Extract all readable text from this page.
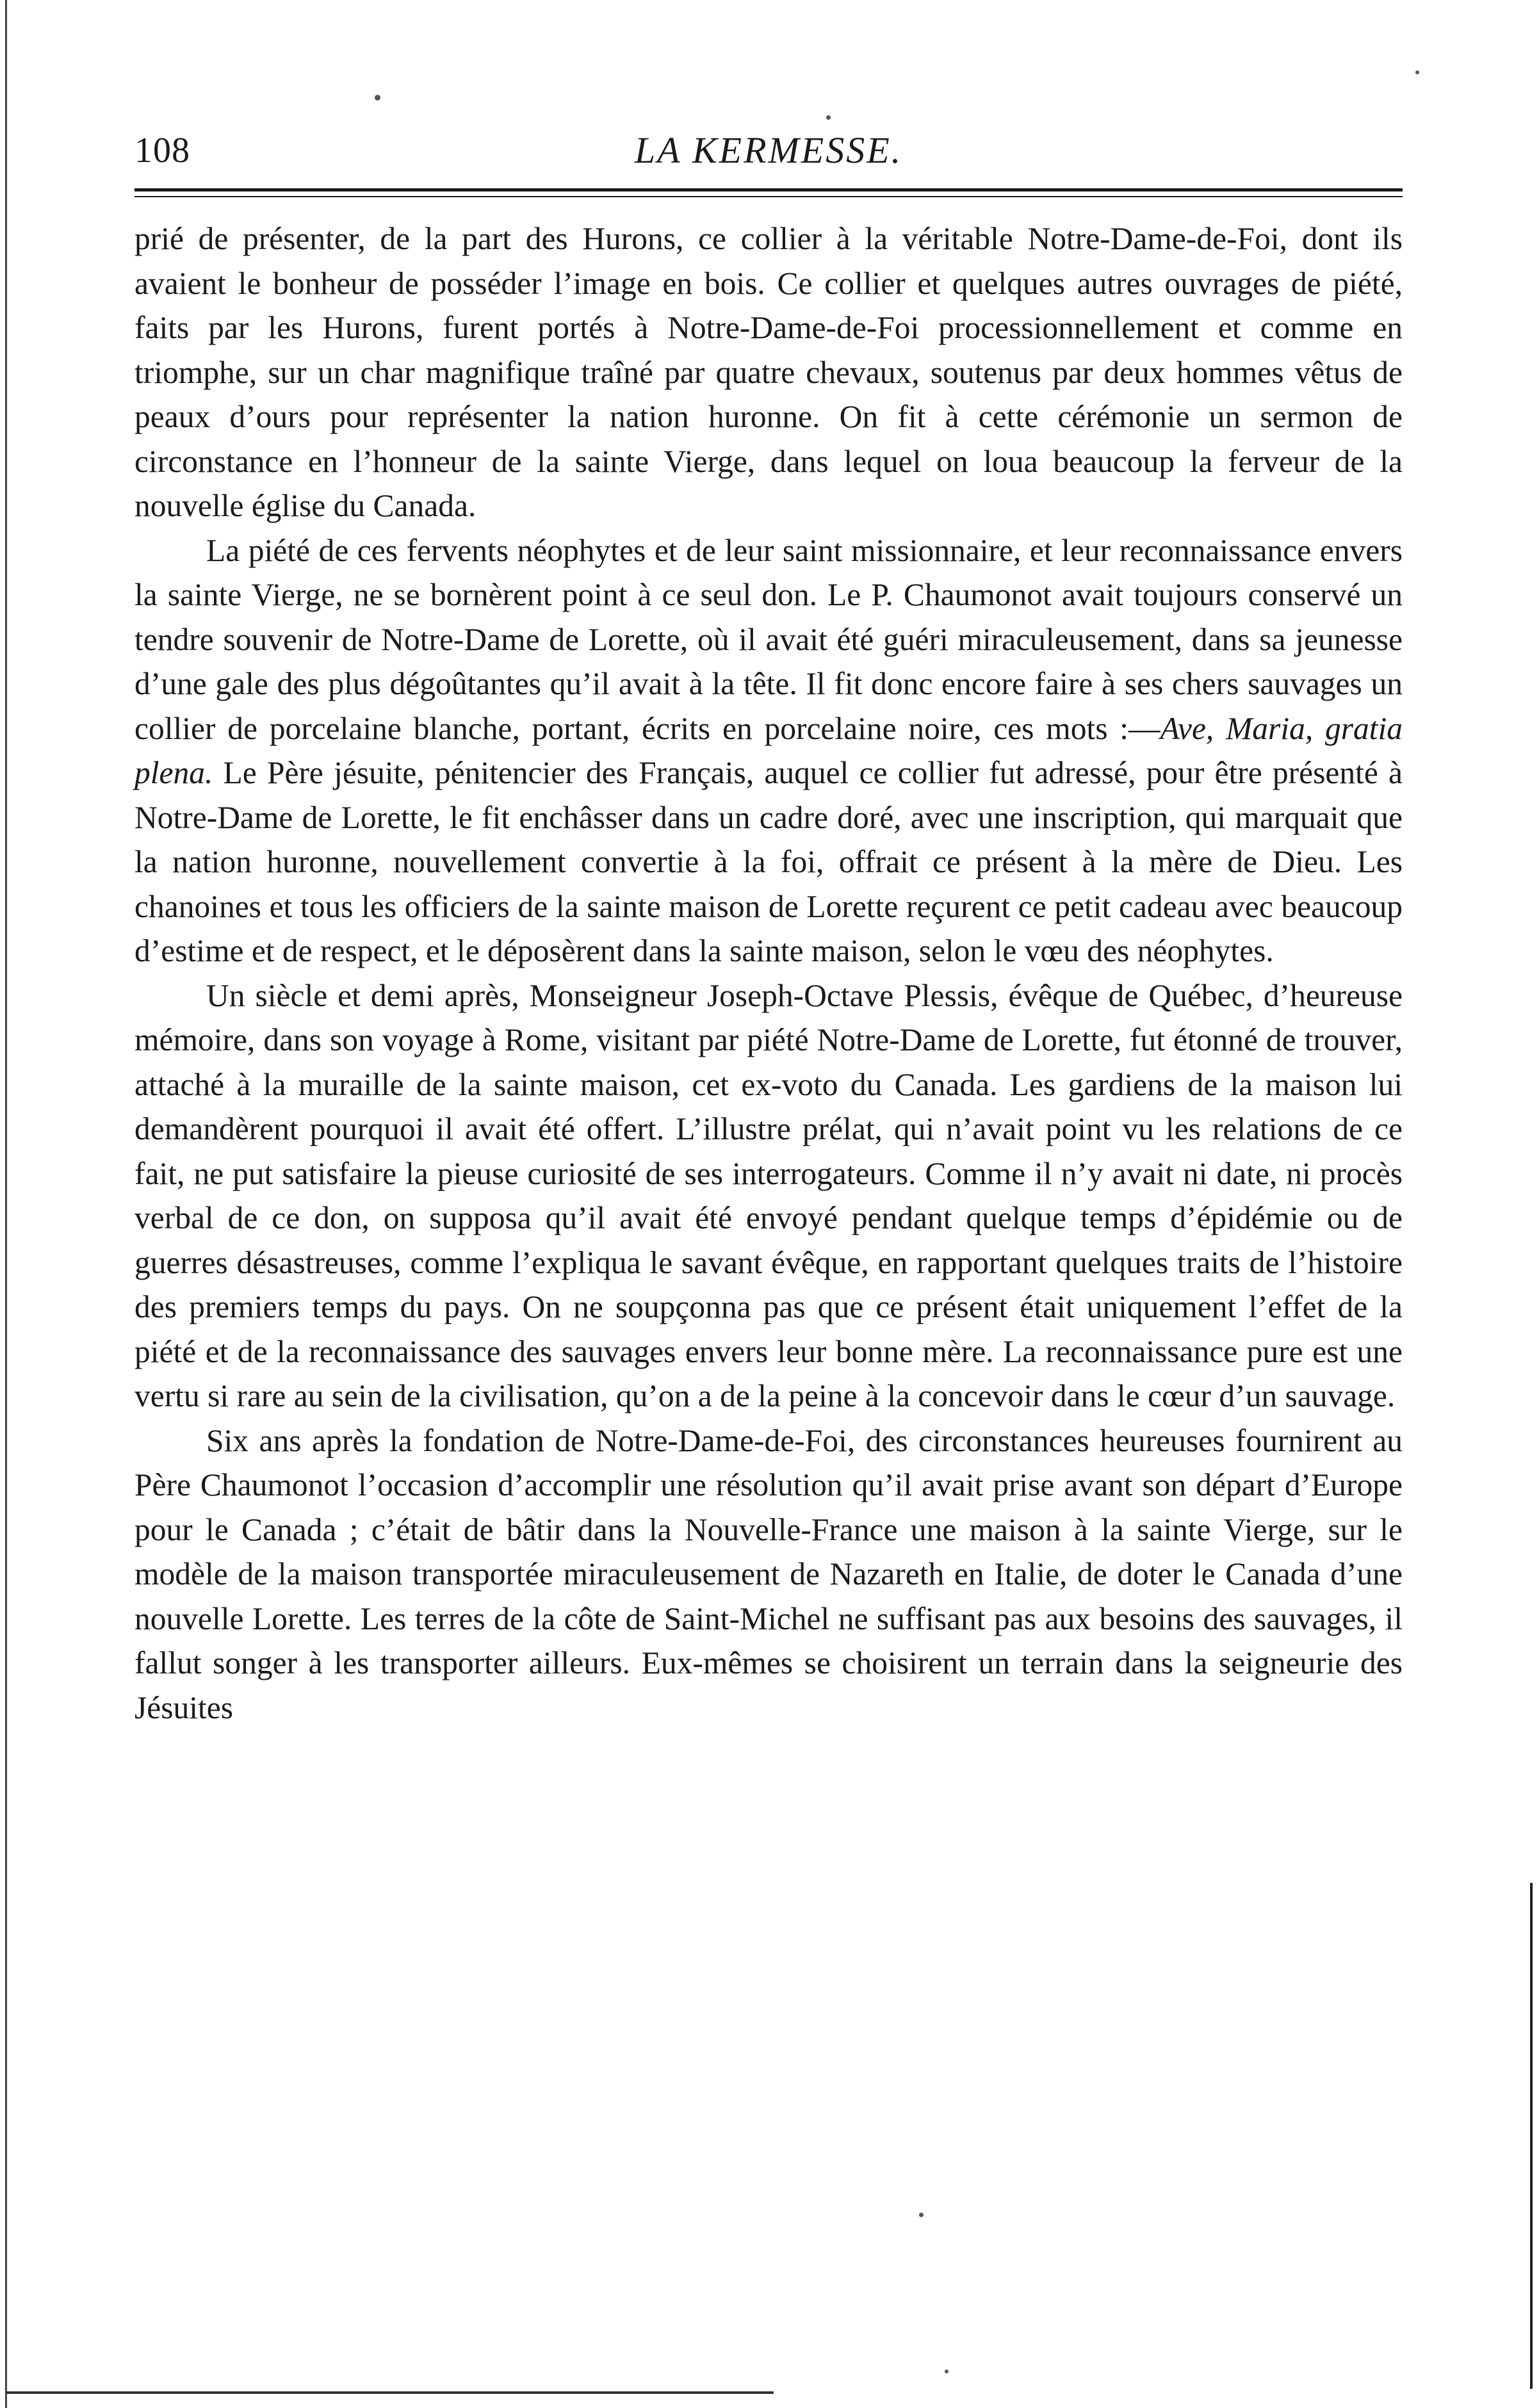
108	LA KERMESSE.

prié de présenter, de la part des Hurons, ce collier à la véritable Notre-Dame-de-Foi, dont ils avaient le bonheur de posséder l’image en bois. Ce collier et quelques autres ouvrages de piété, faits par les Hurons, furent portés à Notre-Dame-de-Foi processionnellement et comme en triomphe, sur un char magnifique traîné par quatre chevaux, soutenus par deux hommes vêtus de peaux d’ours pour représenter la nation huronne. On fit à cette cérémonie un sermon de circonstance en l’honneur de la sainte Vierge, dans lequel on loua beaucoup la ferveur de la nouvelle église du Canada.

La piété de ces fervents néophytes et de leur saint missionnaire, et leur reconnaissance envers la sainte Vierge, ne se bornèrent point à ce seul don. Le P. Chaumonot avait toujours conservé un tendre souvenir de Notre-Dame de Lorette, où il avait été guéri miraculeusement, dans sa jeunesse d’une gale des plus dégoûtantes qu’il avait à la tête. Il fit donc encore faire à ses chers sauvages un collier de porcelaine blanche, portant, écrits en porcelaine noire, ces mots :—Ave, Maria, gratia plena. Le Père jésuite, pénitencier des Français, auquel ce collier fut adressé, pour être présenté à Notre-Dame de Lorette, le fit enchâsser dans un cadre doré, avec une inscription, qui marquait que la nation huronne, nouvellement convertie à la foi, offrait ce présent à la mère de Dieu. Les chanoines et tous les officiers de la sainte maison de Lorette reçurent ce petit cadeau avec beaucoup d’estime et de respect, et le déposèrent dans la sainte maison, selon le vœu des néophytes.

Un siècle et demi après, Monseigneur Joseph-Octave Plessis, évêque de Québec, d’heureuse mémoire, dans son voyage à Rome, visitant par piété Notre-Dame de Lorette, fut étonné de trouver, attaché à la muraille de la sainte maison, cet ex-voto du Canada. Les gardiens de la maison lui demandèrent pourquoi il avait été offert. L’illustre prélat, qui n’avait point vu les relations de ce fait, ne put satisfaire la pieuse curiosité de ses interrogateurs. Comme il n’y avait ni date, ni procès verbal de ce don, on supposa qu’il avait été envoyé pendant quelque temps d’épidémie ou de guerres désastreuses, comme l’expliqua le savant évêque, en rapportant quelques traits de l’histoire des premiers temps du pays. On ne soupçonna pas que ce présent était uniquement l’effet de la piété et de la reconnaissance des sauvages envers leur bonne mère. La reconnaissance pure est une vertu si rare au sein de la civilisation, qu’on a de la peine à la concevoir dans le cœur d’un sauvage.

Six ans après la fondation de Notre-Dame-de-Foi, des circonstances heureuses fournirent au Père Chaumonot l’occasion d’accomplir une résolution qu’il avait prise avant son départ d’Europe pour le Canada ; c’était de bâtir dans la Nouvelle-France une maison à la sainte Vierge, sur le modèle de la maison transportée miraculeusement de Nazareth en Italie, de doter le Canada d’une nouvelle Lorette. Les terres de la côte de Saint-Michel ne suffisant pas aux besoins des sauvages, il fallut songer à les transporter ailleurs. Eux-mêmes se choisirent un terrain dans la seigneurie des Jésuites
